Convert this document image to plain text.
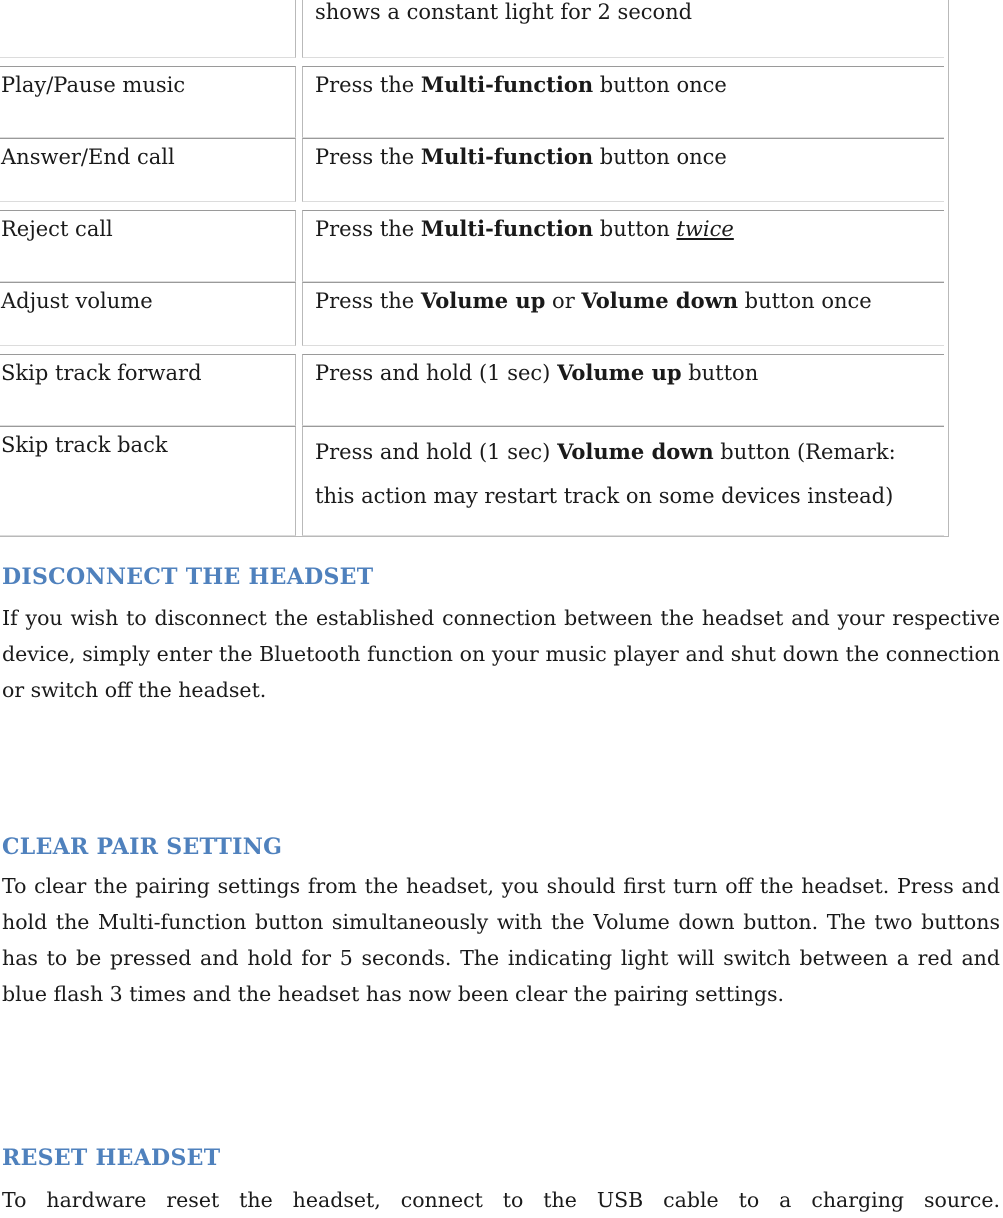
shows a constant light for 2 second
Play/Pause music	Press the Multi-function button once
Answer/End call	Press the Multi-function button once
Reject call	Press the Multi-function button twice
Adjust volume	Press the Volume up or Volume down button once
Skip track forward	Press and hold (1 sec) Volume up button
Skip track back	Press and hold (1 sec) Volume down button (Remark:
this action may restart track on some devices instead)
DISCONNECT THE HEADSET

If you wish to disconnect the established connection between the headset and your respective device, simply enter the Bluetooth function on your music player and shut down the connection or switch off the headset.

CLEAR PAIR SETTING

To clear the pairing settings from the headset, you should first turn off the headset. Press and hold the Multi-function button simultaneously with the Volume down button. The two buttons has to be pressed and hold for 5 seconds. The indicating light will switch between a red and blue flash 3 times and the headset has now been clear the pairing settings.

RESET HEADSET

To hardware reset the headset, connect to the USB cable to a charging source.
